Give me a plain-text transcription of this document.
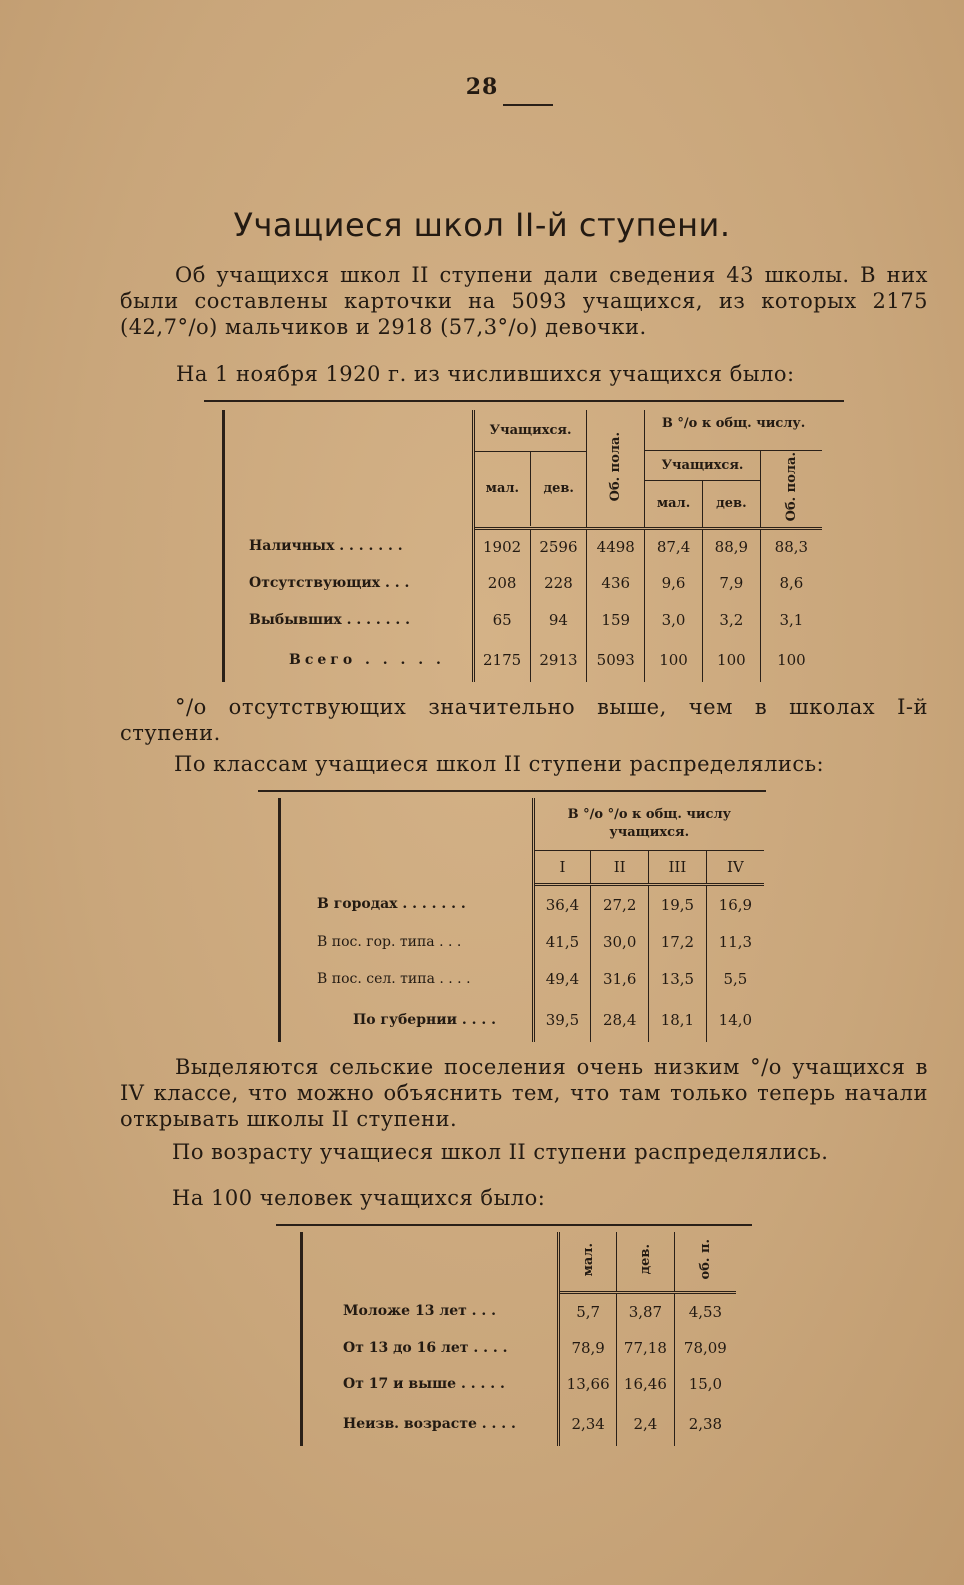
28
Учащиеся школ II-й ступени.

Об учащихся школ II ступени дали сведения 43 школы. В них были составлены карточки на 5093 учащихся, из которых 2175 (42,7°/о) мальчиков и 2918 (57,3°/о) девочки.

На 1 ноября 1920 г. из числившихся учащихся было:
	Учащихся.	Об. пола.	В °/о к общ. числу.

мал.	дев.
	Учащихся.	Об. пола.
мал.	дев.
Наличных . . . . . . .	1902	2596	4498	87,4	88,9	88,3
Отсутствующих . . .	208	228	436	9,6	7,9	8,6
Выбывших . . . . . . .	65	94	159	3,0	3,2	3,1
Всего . . . . .	2175	2913	5093	100	100	100

°/о отсутствующих значительно выше, чем в школах I-й ступени.

По классам учащиеся школ II ступени распределялись:
	В °/о °/о к общ. числу учащихся.			
	I	II	III	IV
В городах . . . . . . .	36,4	27,2	19,5	16,9
В пос. гор. типа . . .	41,5	30,0	17,2	11,3
В пос. сел. типа . . . .	49,4	31,6	13,5	5,5
По губернии . . . .	39,5	28,4	18,1	14,0

Выделяются сельские поселения очень низким °/о учащихся в IV классе, что можно объяснить тем, что там только теперь начали открывать школы II ступени.

По возрасту учащиеся школ II ступени распределялись.
На 100 человек учащихся было:
	мал.	дев.	об. п.
Моложе 13 лет . . .	5,7	3,87	4,53
От 13 до 16 лет . . . .	78,9	77,18	78,09
От 17 и выше . . . . .	13,66	16,46	15,0
Неизв. возрасте . . . .	2,34	2,4	2,38
